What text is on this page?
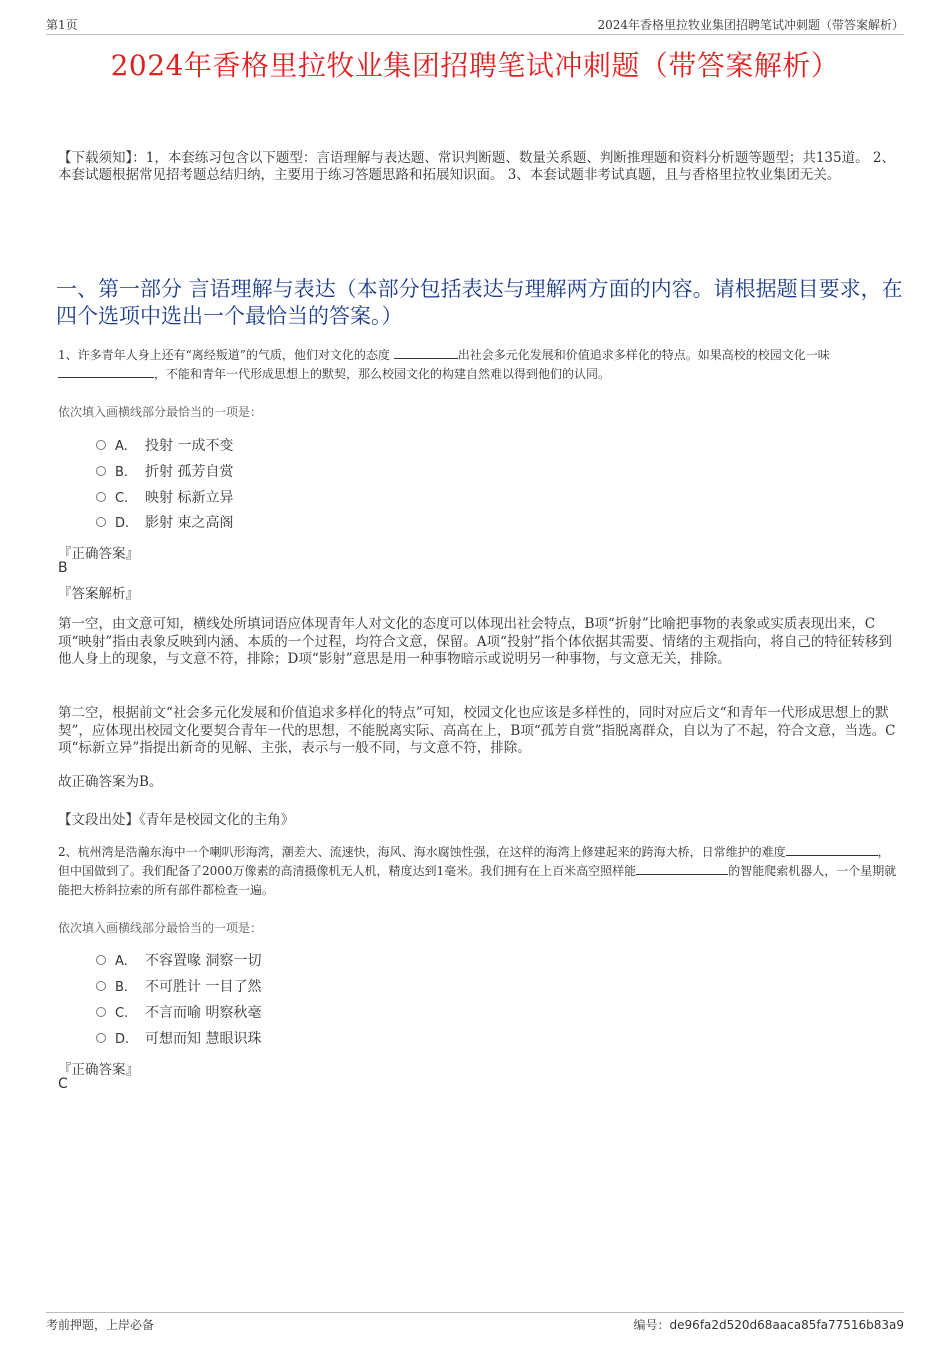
第1页	2024年香格里拉牧业集团招聘笔试冲刺题（带答案解析）
2024年香格里拉牧业集团招聘笔试冲刺题（带答案解析）
【下载须知】：1，本套练习包含以下题型：言语理解与表达题、常识判断题、数量关系题、判断推理题和资料分析题等题型；共135道。 2、本套试题根据常见招考题总结归纳，主要用于练习答题思路和拓展知识面。 3、本套试题非考试真题，且与香格里拉牧业集团无关。
一、第一部分 言语理解与表达（本部分包括表达与理解两方面的内容。请根据题目要求，在四个选项中选出一个最恰当的答案。）
1、许多青年人身上还有“离经叛道”的气质，他们对文化的态度	出社会多元化发展和价值追求多样化的特点。如果高校的校园文化一味 ，不能和青年一代形成思想上的默契，那么校园文化的构建自然难以得到他们的认同。
依次填入画横线部分最恰当的一项是：
A. 投射 一成不变
B. 折射 孤芳自赏
C. 映射 标新立异
D. 影射 束之高阁
『正确答案』
B
『答案解析』
第一空，由文意可知，横线处所填词语应体现青年人对文化的态度可以体现出社会特点，B项“折射”比喻把事物的表象或实质表现出来，C项“映射”指由表象反映到内涵、本质的一个过程，均符合文意，保留。A项“投射”指个体依据其需要、情绪的主观指向，将自己的特征转移到他人身上的现象，与文意不符，排除；D项“影射”意思是用一种事物暗示或说明另一种事物，与文意无关，排除。
第二空，根据前文“社会多元化发展和价值追求多样化的特点”可知，校园文化也应该是多样性的，同时对应后文“和青年一代形成思想上的默契”，应体现出校园文化要契合青年一代的思想，不能脱离实际、高高在上，B项“孤芳自赏”指脱离群众，自以为了不起，符合文意，当选。C项“标新立异”指提出新奇的见解、主张，表示与一般不同，与文意不符，排除。
故正确答案为B。
【文段出处】《青年是校园文化的主角》
2、杭州湾是浩瀚东海中一个喇叭形海湾，潮差大、流速快，海风、海水腐蚀性强，在这样的海湾上修建起来的跨海大桥，日常维护的难度	，但中国做到了。我们配备了2000万像素的高清摄像机无人机，精度达到1毫米。我们拥有在上百米高空照样能	的智能爬索机器人，一个星期就能把大桥斜拉索的所有部件都检查一遍。
依次填入画横线部分最恰当的一项是：
A. 不容置喙 洞察一切
B. 不可胜计 一目了然
C. 不言而喻 明察秋毫
D. 可想而知 慧眼识珠
『正确答案』
C
考前押题，上岸必备	编号：de96fa2d520d68aaca85fa77516b83a9
